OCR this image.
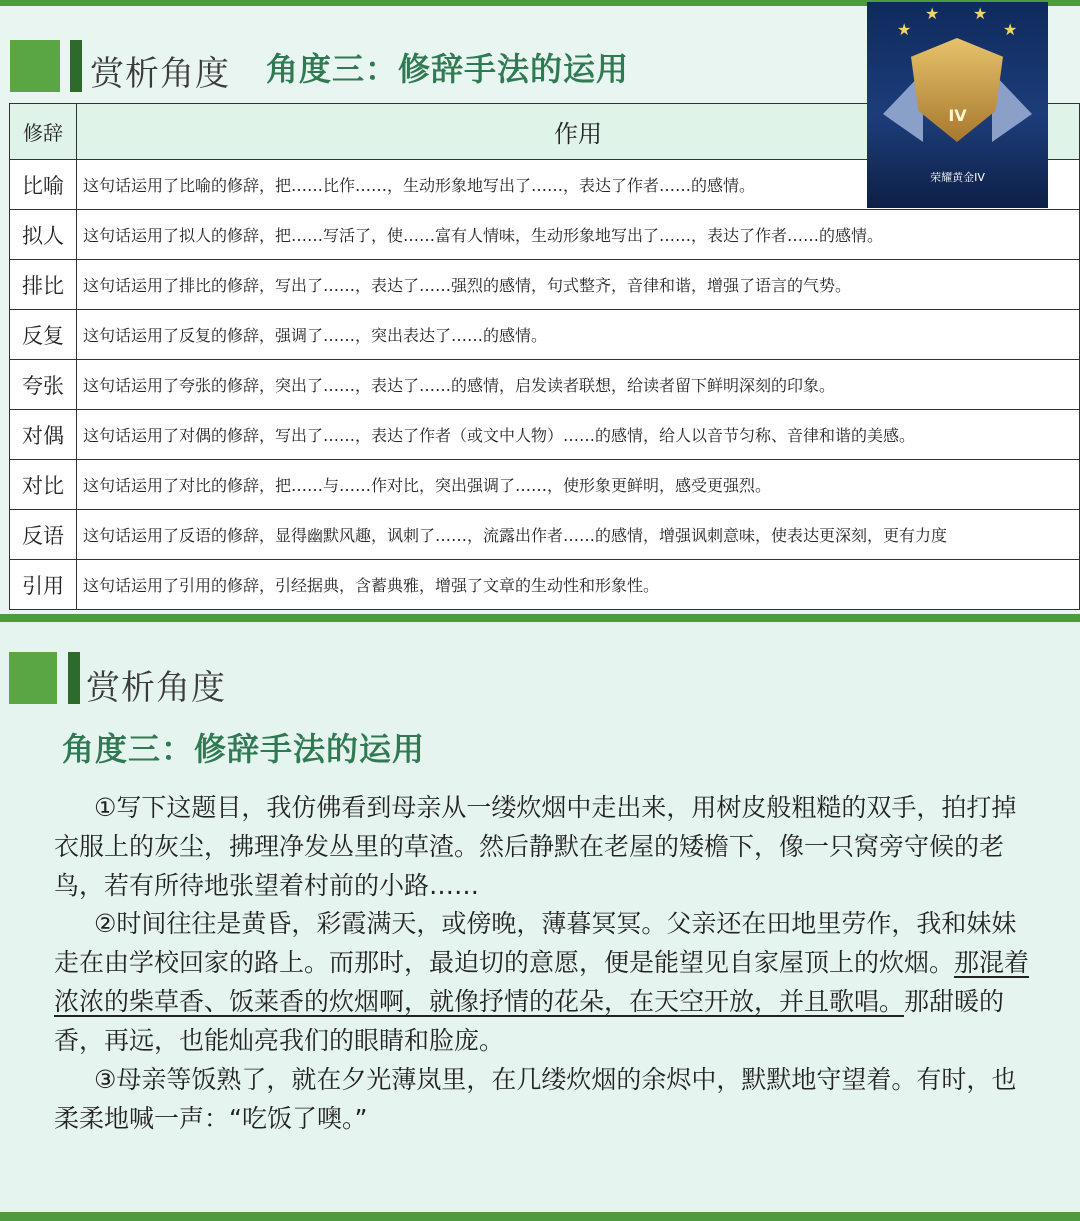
赏析角度 角度三：修辞手法的运用
修辞	作用
比喻	这句话运用了比喻的修辞，把……比作……，生动形象地写出了……，表达了作者……的感情。
拟人	这句话运用了拟人的修辞，把……写活了，使……富有人情味，生动形象地写出了……，表达了作者……的感情。
排比	这句话运用了排比的修辞，写出了……，表达了……强烈的感情，句式整齐，音律和谐，增强了语言的气势。
反复	这句话运用了反复的修辞，强调了……，突出表达了……的感情。
夸张	这句话运用了夸张的修辞，突出了……，表达了……的感情，启发读者联想，给读者留下鲜明深刻的印象。
对偶	这句话运用了对偶的修辞，写出了……，表达了作者（或文中人物）……的感情，给人以音节匀称、音律和谐的美感。
对比	这句话运用了对比的修辞，把……与……作对比，突出强调了……，使形象更鲜明，感受更强烈。
反语	这句话运用了反语的修辞，显得幽默风趣，讽刺了……，流露出作者……的感情，增强讽刺意味，使表达更深刻，更有力度
引用	这句话运用了引用的修辞，引经据典，含蓄典雅，增强了文章的生动性和形象性。
★ ★
★	★
IV
荣耀黄金IV
赏析角度
角度三：修辞手法的运用
①写下这题目，我仿佛看到母亲从一缕炊烟中走出来，用树皮般粗糙的双手，拍打掉衣服上的灰尘，拂理净发丛里的草渣。然后静默在老屋的矮檐下，像一只窝旁守候的老鸟，若有所待地张望着村前的小路……
②时间往往是黄昏，彩霞满天，或傍晚，薄暮冥冥。父亲还在田地里劳作，我和妹妹走在由学校回家的路上。而那时，最迫切的意愿，便是能望见自家屋顶上的炊烟。那混着浓浓的柴草香、饭莱香的炊烟啊，就像抒情的花朵，在天空开放，并且歌唱。那甜暖的香，再远，也能灿亮我们的眼睛和脸庞。
③母亲等饭熟了，就在夕光薄岚里，在几缕炊烟的余烬中，默默地守望着。有时，也柔柔地喊一声：“吃饭了噢。”
